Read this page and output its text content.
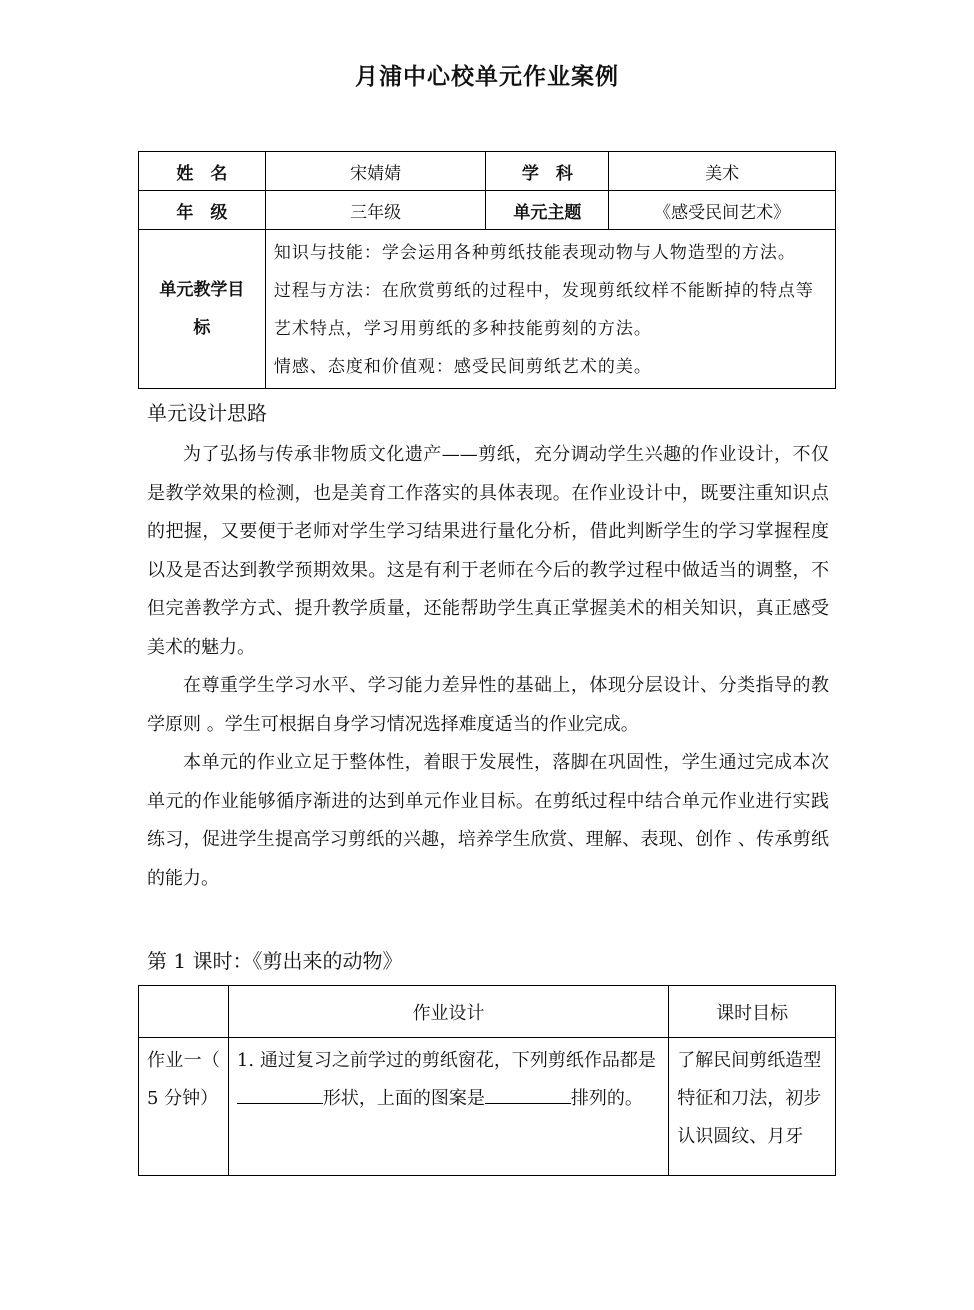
月浦中心校单元作业案例
姓　名	宋婧婧	学　科	美术
年　级	三年级	单元主题	《感受民间艺术》
单元教学目标	知识与技能：学会运用各种剪纸技能表现动物与人物造型的方法。
过程与方法：在欣赏剪纸的过程中，发现剪纸纹样不能断掉的特点等艺术特点，学习用剪纸的多种技能剪刻的方法。
情感、态度和价值观：感受民间剪纸艺术的美。		
单元设计思路

为了弘扬与传承非物质文化遗产——剪纸，充分调动学生兴趣的作业设计，不仅是教学效果的检测，也是美育工作落实的具体表现。在作业设计中，既要注重知识点的把握，又要便于老师对学生学习结果进行量化分析，借此判断学生的学习掌握程度以及是否达到教学预期效果。这是有利于老师在今后的教学过程中做适当的调整，不但完善教学方式、提升教学质量，还能帮助学生真正掌握美术的相关知识，真正感受美术的魅力。

在尊重学生学习水平、学习能力差异性的基础上，体现分层设计、分类指导的教学原则 。学生可根据自身学习情况选择难度适当的作业完成。

本单元的作业立足于整体性，着眼于发展性，落脚在巩固性，学生通过完成本次单元的作业能够循序渐进的达到单元作业目标。在剪纸过程中结合单元作业进行实践练习，促进学生提高学习剪纸的兴趣，培养学生欣赏、理解、表现、创作 、传承剪纸的能力。

第 1 课时：《剪出来的动物》
	作业设计	课时目标
作业一（ 5 分钟）	1. 通过复习之前学过的剪纸窗花，下列剪纸作品都是形状，上面的图案是 排列的。	了解民间剪纸造型特征和刀法，初步认识圆纹、月牙
